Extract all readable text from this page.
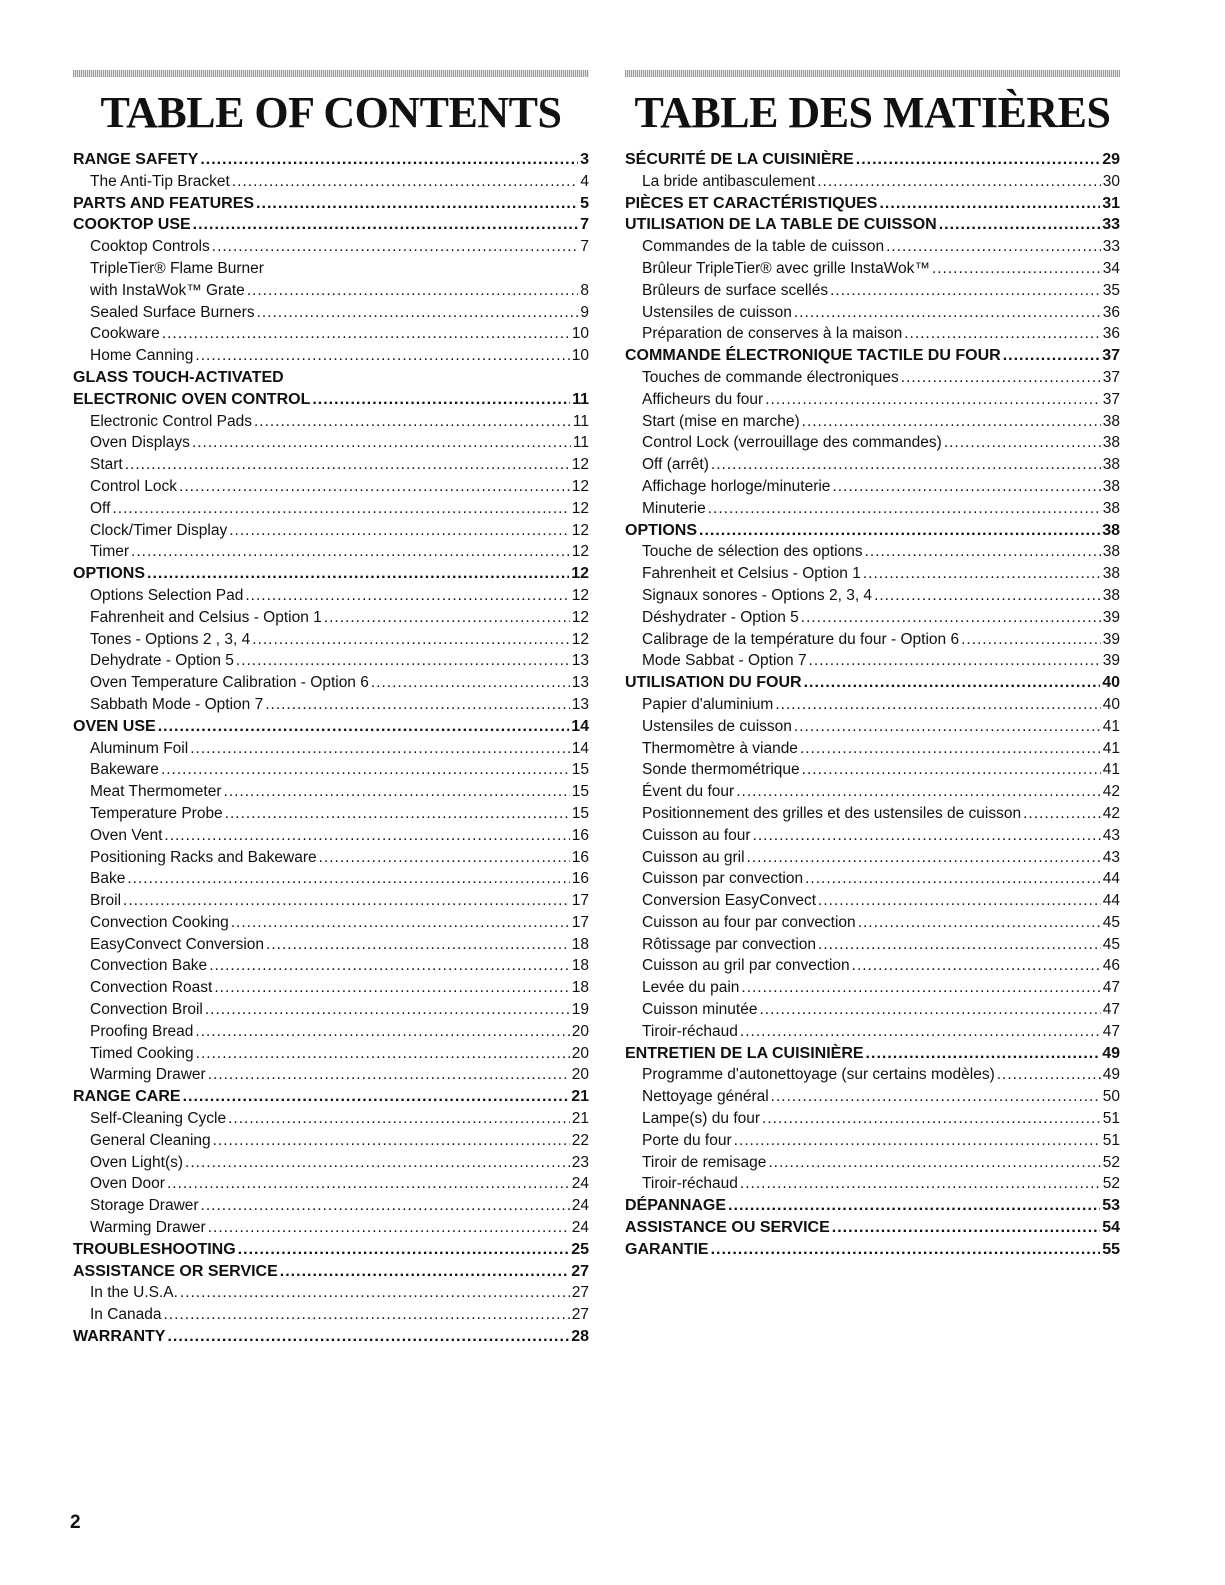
TABLE OF CONTENTS
RANGE SAFETY .....	3
The Anti-Tip Bracket .....	4
PARTS AND FEATURES .....	5
COOKTOP USE .....	7
Cooktop Controls .....	7
TripleTier® Flame Burner
with InstaWok™ Grate .....	8
Sealed Surface Burners .....	9
Cookware .....	10
Home Canning .....	10
GLASS TOUCH-ACTIVATED
ELECTRONIC OVEN CONTROL .....	11
Electronic Control Pads .....	11
Oven Displays .....	11
Start .....	12
Control Lock .....	12
Off .....	12
Clock/Timer Display .....	12
Timer .....	12
OPTIONS .....	12
Options Selection Pad .....	12
Fahrenheit and Celsius - Option 1 .....	12
Tones - Options 2 , 3, 4 .....	12
Dehydrate - Option 5 .....	13
Oven Temperature Calibration - Option 6 .....	13
Sabbath Mode - Option 7 .....	13
OVEN USE .....	14
Aluminum Foil .....	14
Bakeware .....	15
Meat Thermometer .....	15
Temperature Probe .....	15
Oven Vent .....	16
Positioning Racks and Bakeware .....	16
Bake .....	16
Broil .....	17
Convection Cooking .....	17
EasyConvect Conversion .....	18
Convection Bake .....	18
Convection Roast .....	18
Convection Broil .....	19
Proofing Bread .....	20
Timed Cooking .....	20
Warming Drawer .....	20
RANGE CARE .....	21
Self-Cleaning Cycle .....	21
General Cleaning .....	22
Oven Light(s) .....	23
Oven Door .....	24
Storage Drawer .....	24
Warming Drawer .....	24
TROUBLESHOOTING .....	25
ASSISTANCE OR SERVICE .....	27
In the U.S.A. .....	27
In Canada .....	27
WARRANTY .....	28
TABLE DES MATIÈRES
SÉCURITÉ DE LA CUISINIÈRE .....	29
La bride antibasculement .....	30
PIÈCES ET CARACTÉRISTIQUES .....	31
UTILISATION DE LA TABLE DE CUISSON .....	33
Commandes de la table de cuisson .....	33
Brûleur TripleTier® avec grille InstaWok™ .....	34
Brûleurs de surface scellés .....	35
Ustensiles de cuisson .....	36
Préparation de conserves à la maison .....	36
COMMANDE ÉLECTRONIQUE TACTILE DU FOUR .....	37
Touches de commande électroniques .....	37
Afficheurs du four .....	37
Start (mise en marche) .....	38
Control Lock (verrouillage des commandes) .....	38
Off (arrêt) .....	38
Affichage horloge/minuterie .....	38
Minuterie .....	38
OPTIONS .....	38
Touche de sélection des options .....	38
Fahrenheit et Celsius - Option 1 .....	38
Signaux sonores - Options 2, 3, 4 .....	38
Déshydrater - Option 5 .....	39
Calibrage de la température du four - Option 6 .....	39
Mode Sabbat - Option 7 .....	39
UTILISATION DU FOUR .....	40
Papier d'aluminium .....	40
Ustensiles de cuisson .....	41
Thermomètre à viande .....	41
Sonde thermométrique .....	41
Évent du four .....	42
Positionnement des grilles et des ustensiles de cuisson .....	42
Cuisson au four .....	43
Cuisson au gril .....	43
Cuisson par convection .....	44
Conversion EasyConvect .....	44
Cuisson au four par convection .....	45
Rôtissage par convection .....	45
Cuisson au gril par convection .....	46
Levée du pain .....	47
Cuisson minutée .....	47
Tiroir-réchaud .....	47
ENTRETIEN DE LA CUISINIÈRE .....	49
Programme d'autonettoyage (sur certains modèles) .....	49
Nettoyage général .....	50
Lampe(s) du four .....	51
Porte du four .....	51
Tiroir de remisage .....	52
Tiroir-réchaud .....	52
DÉPANNAGE .....	53
ASSISTANCE OU SERVICE .....	54
GARANTIE .....	55
2
